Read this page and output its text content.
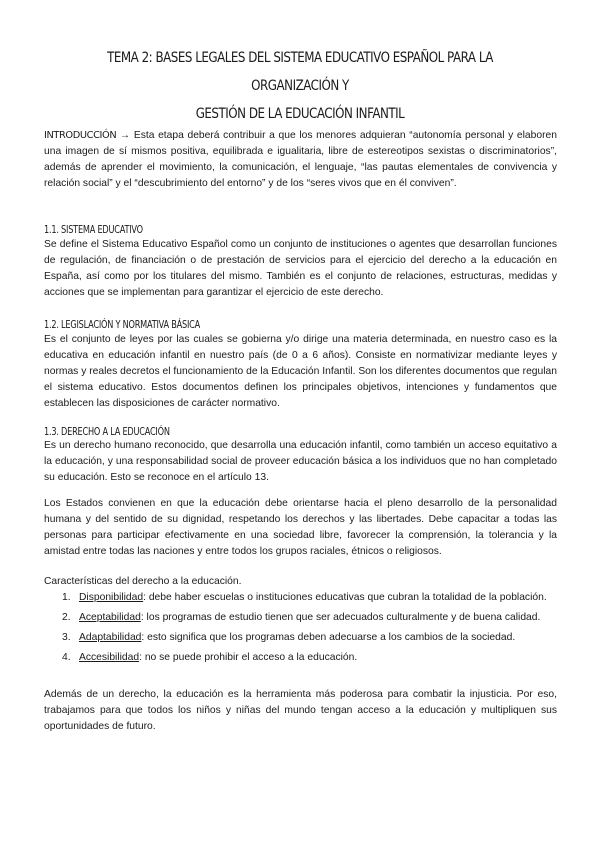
TEMA 2: BASES LEGALES DEL SISTEMA EDUCATIVO ESPAÑOL PARA LA ORGANIZACIÓN Y
GESTIÓN DE LA EDUCACIÓN INFANTIL
INTRODUCCIÓN → Esta etapa deberá contribuir a que los menores adquieran “autonomía personal y elaboren una imagen de sí mismos positiva, equilibrada e igualitaria, libre de estereotipos sexistas o discriminatorios”, además de aprender el movimiento, la comunicación, el lenguaje, “las pautas elementales de convivencia y relación social” y el “descubrimiento del entorno” y de los “seres vivos que en él conviven”.
1.1. SISTEMA EDUCATIVO
Se define el Sistema Educativo Español como un conjunto de instituciones o agentes que desarrollan funciones de regulación, de financiación o de prestación de servicios para el ejercicio del derecho a la educación en España, así como por los titulares del mismo. También es el conjunto de relaciones, estructuras, medidas y acciones que se implementan para garantizar el ejercicio de este derecho.
1.2. LEGISLACIÓN Y NORMATIVA BÁSICA
Es el conjunto de leyes por las cuales se gobierna y/o dirige una materia determinada, en nuestro caso es la educativa en educación infantil en nuestro país (de 0 a 6 años). Consiste en normativizar mediante leyes y normas y reales decretos el funcionamiento de la Educación Infantil. Son los diferentes documentos que regulan el sistema educativo. Estos documentos definen los principales objetivos, intenciones y fundamentos que establecen las disposiciones de carácter normativo.
1.3. DERECHO A LA EDUCACIÓN
Es un derecho humano reconocido, que desarrolla una educación infantil, como también un acceso equitativo a la educación, y una responsabilidad social de proveer educación básica a los individuos que no han completado su educación. Esto se reconoce en el artículo 13.
Los Estados convienen en que la educación debe orientarse hacia el pleno desarrollo de la personalidad humana y del sentido de su dignidad, respetando los derechos y las libertades. Debe capacitar a todas las personas para participar efectivamente en una sociedad libre, favorecer la comprensión, la tolerancia y la amistad entre todas las naciones y entre todos los grupos raciales, étnicos o religiosos.
Características del derecho a la educación.
1. Disponibilidad: debe haber escuelas o instituciones educativas que cubran la totalidad de la población.
2. Aceptabilidad: los programas de estudio tienen que ser adecuados culturalmente y de buena calidad.
3. Adaptabilidad: esto significa que los programas deben adecuarse a los cambios de la sociedad.
4. Accesibilidad: no se puede prohibir el acceso a la educación.
Además de un derecho, la educación es la herramienta más poderosa para combatir la injusticia. Por eso, trabajamos para que todos los niños y niñas del mundo tengan acceso a la educación y multipliquen sus oportunidades de futuro.
